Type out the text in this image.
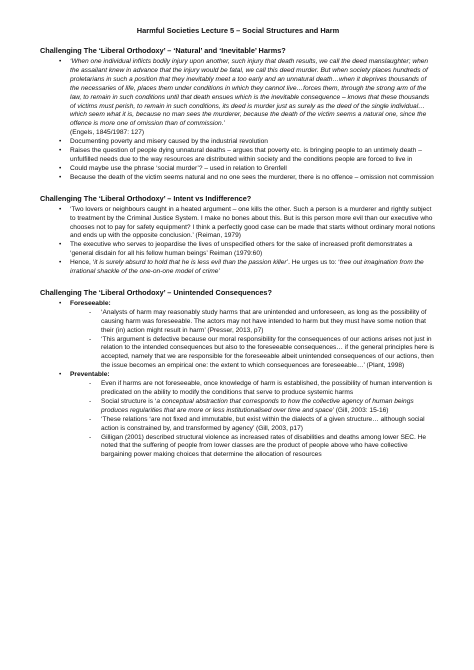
Harmful Societies Lecture 5 – Social Structures and Harm
Challenging The ‘Liberal Orthodoxy’ – ‘Natural’ and ‘Inevitable’ Harms?
• ‘When one individual inflicts bodily injury upon another, such injury that death results, we call the deed manslaughter; when the assailant knew in advance that the injury would be fatal, we call this deed murder. But when society places hundreds of proletarians in such a position that they inevitably meet a too early and an unnatural death…when it deprives thousands of the necessaries of life, places them under conditions in which they cannot live…forces them, through the strong arm of the law, to remain in such conditions until that death ensues which is the inevitable consequence – knows that these thousands of victims must perish, to remain in such conditions, its deed is murder just as surely as the deed of the single individual…which seem what it is, because no man sees the murderer, because the death of the victim seems a natural one, since the offence is more one of omission than of commission.’
(Engels, 1845/1987: 127)
• Documenting poverty and misery caused by the industrial revolution
• Raises the question of people dying unnatural deaths – argues that poverty etc. is bringing people to an untimely death – unfulfilled needs due to the way resources are distributed within society and the conditions people are forced to live in
• Could maybe use the phrase ‘social murder’? – used in relation to Grenfell
• Because the death of the victim seems natural and no one sees the murderer, there is no offence – omission not commission
Challenging The ‘Liberal Orthodoxy’ – Intent vs Indifference?
• ‘Two lovers or neighbours caught in a heated argument – one kills the other. Such a person is a murderer and rightly subject to treatment by the Criminal Justice System. I make no bones about this. But is this person more evil than our executive who chooses not to pay for safety equipment? I think a perfectly good case can be made that starts without ordinary moral notions and ends up with the opposite conclusion.’ (Reiman, 1979)
• The executive who serves to jeopardise the lives of unspecified others for the sake of increased profit demonstrates a ‘general disdain for all his fellow human beings’ Reiman (1979:60)
• Hence, ‘it is surely absurd to hold that he is less evil than the passion killer’. He urges us to: ‘free out imagination from the irrational shackle of the one-on-one model of crime’
Challenging The ‘Liberal Orthodoxy’ – Unintended Consequences?
• Foreseeable:
- ‘Analysts of harm may reasonably study harms that are unintended and unforeseen, as long as the possibility of causing harm was foreseeable. The actors may not have intended to harm but they must have some notion that their (in) action might result in harm’ (Presser, 2013, p7)
- ‘This argument is defective because our moral responsibility for the consequences of our actions arises not just in relation to the intended consequences but also to the foreseeable consequences… if the general principles here is accepted, namely that we are responsible for the foreseeable albeit unintended consequences of our actions, then the issue becomes an empirical one: the extent to which consequences are foreseeable…’ (Plant, 1998)
• Preventable:
- Even if harms are not foreseeable, once knowledge of harm is established, the possibility of human intervention is predicated on the ability to modify the conditions that serve to produce systemic harms
- Social structure is ‘a conceptual abstraction that corresponds to how the collective agency of human beings produces regularities that are more or less institutionalised over time and space’ (Gill, 2003: 15-16)
- ‘These relations ‘are not fixed and immutable, but exist within the dialects of a given structure… although social action is constrained by, and transformed by agency’ (Gill, 2003, p17)
- Gilligan (2001) described structural violence as increased rates of disabilities and deaths among lower SEC. He noted that the suffering of people from lower classes are the product of people above who have collective bargaining power making choices that determine the allocation of resources
